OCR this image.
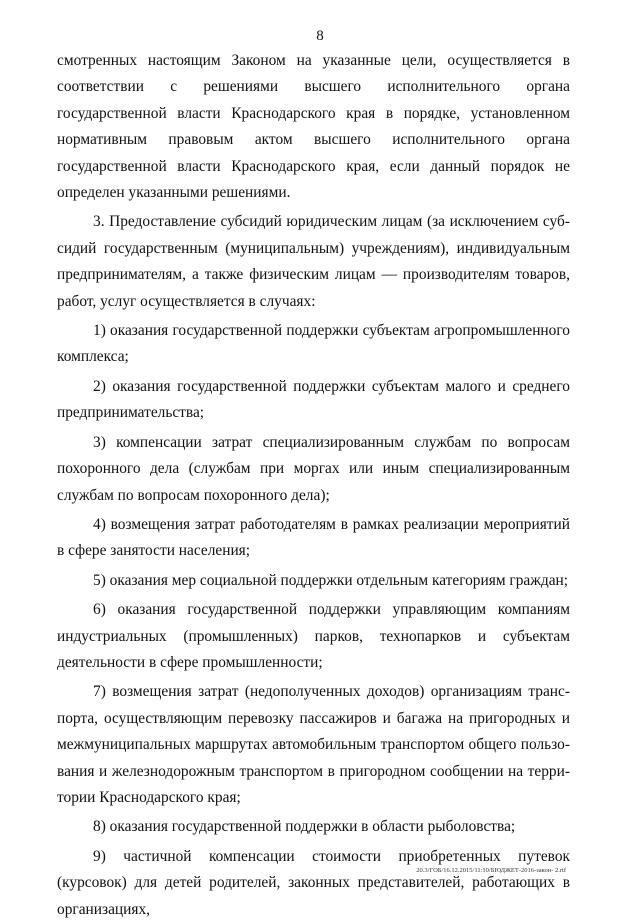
8

смотренных настоящим Законом на указанные цели, осуществляется в соответствии с решениями высшего исполнительного органа государственной власти Краснодарского края в порядке, установленном нормативным правовым актом высшего исполнительного органа государственной власти Краснодарского края, если данный порядок не определен указанными решениями.

3. Предоставление субсидий юридическим лицам (за исключением субсидий государственным (муниципальным) учреждениям), индивидуальным предпринимателям, а также физическим лицам — производителям товаров, работ, услуг осуществляется в случаях:

1) оказания государственной поддержки субъектам агропромышленного комплекса;

2) оказания государственной поддержки субъектам малого и среднего предпринимательства;

3) компенсации затрат специализированным службам по вопросам похоронного дела (службам при моргах или иным специализированным службам по вопросам похоронного дела);

4) возмещения затрат работодателям в рамках реализации мероприятий в сфере занятости населения;

5) оказания мер социальной поддержки отдельным категориям граждан;

6) оказания государственной поддержки управляющим компаниям индустриальных (промышленных) парков, технопарков и субъектам деятельности в сфере промышленности;

7) возмещения затрат (недополученных доходов) организациям транспорта, осуществляющим перевозку пассажиров и багажа на пригородных и межмуниципальных маршрутах автомобильным транспортом общего пользования и железнодорожным транспортом в пригородном сообщении на территории Краснодарского края;

8) оказания государственной поддержки в области рыболовства;

9) частичной компенсации стоимости приобретенных путевок (курсовок) для детей родителей, законных представителей, работающих в организациях,

20.3/ГОБ/16.12.2015/11:10/БЮДЖЕТ-2016-закон- 2.rtf
